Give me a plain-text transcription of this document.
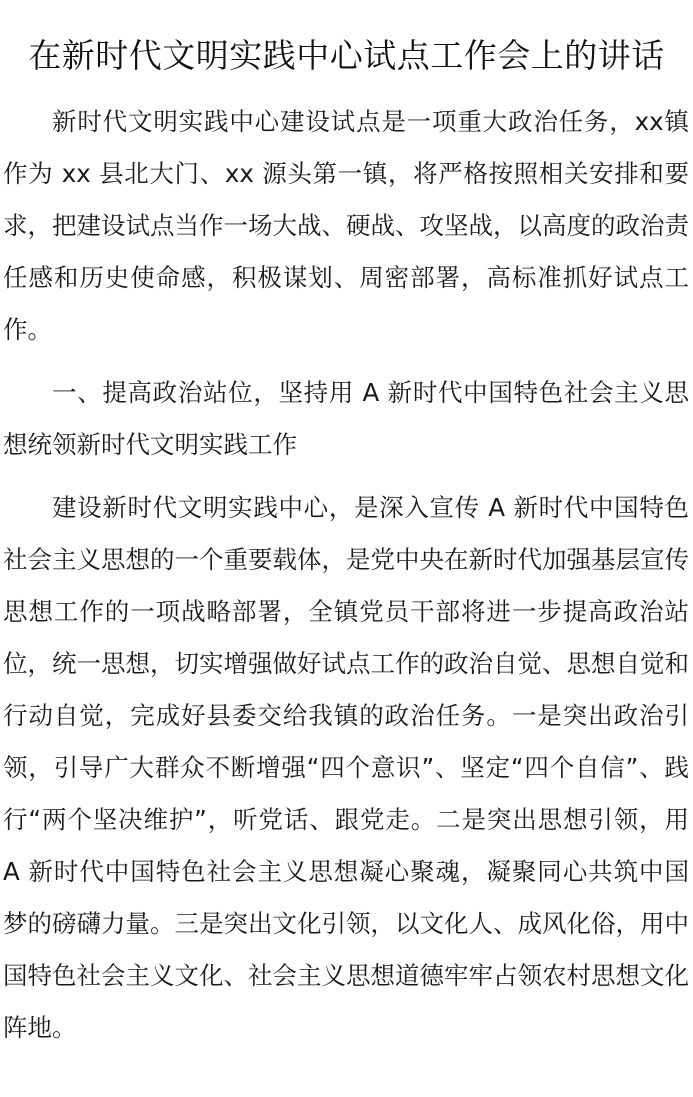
在新时代文明实践中心试点工作会上的讲话

新时代文明实践中心建设试点是一项重大政治任务，xx镇作为 xx 县北大门、xx 源头第一镇，将严格按照相关安排和要求，把建设试点当作一场大战、硬战、攻坚战，以高度的政治责任感和历史使命感，积极谋划、周密部署，高标准抓好试点工作。

一、提高政治站位，坚持用 A 新时代中国特色社会主义思想统领新时代文明实践工作

建设新时代文明实践中心，是深入宣传 A 新时代中国特色社会主义思想的一个重要载体，是党中央在新时代加强基层宣传思想工作的一项战略部署，全镇党员干部将进一步提高政治站位，统一思想，切实增强做好试点工作的政治自觉、思想自觉和行动自觉，完成好县委交给我镇的政治任务。一是突出政治引领，引导广大群众不断增强“四个意识”、坚定“四个自信”、践行“两个坚决维护”，听党话、跟党走。二是突出思想引领，用 A 新时代中国特色社会主义思想凝心聚魂，凝聚同心共筑中国梦的磅礴力量。三是突出文化引领，以文化人、成风化俗，用中国特色社会主义文化、社会主义思想道德牢牢占领农村思想文化阵地。
